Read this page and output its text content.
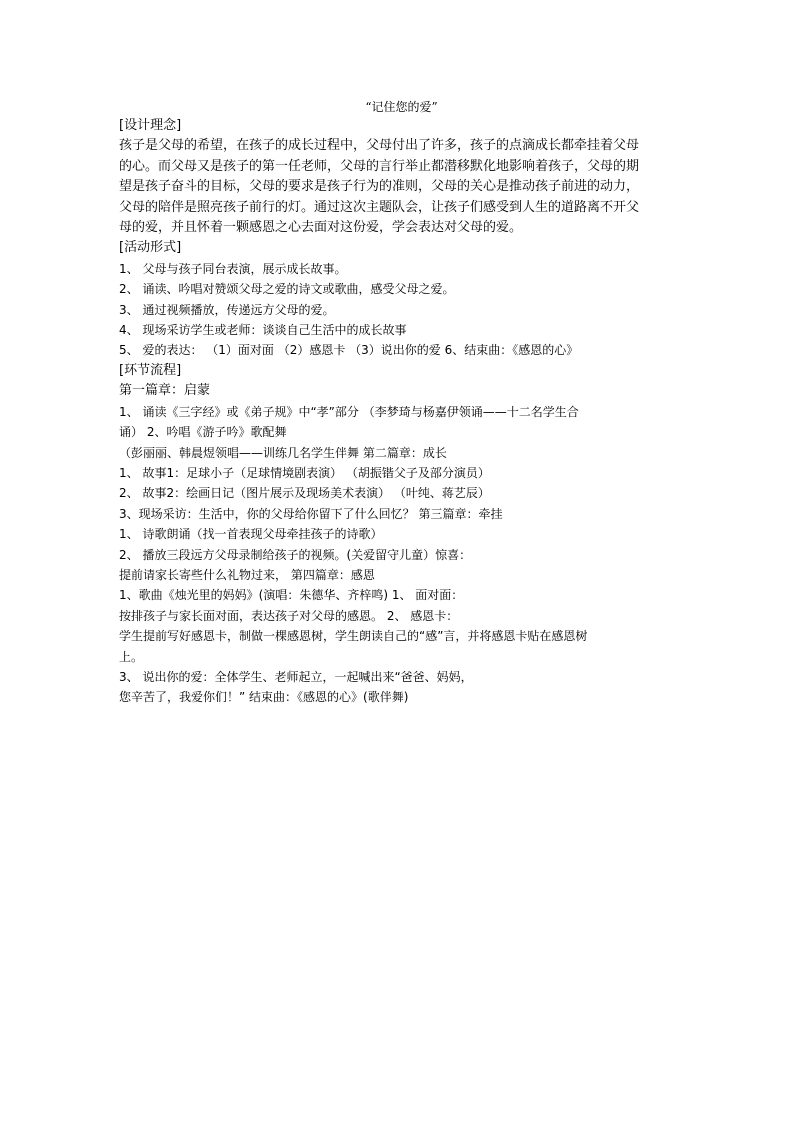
“记住您的爱”

[设计理念]

孩子是父母的希望，在孩子的成长过程中，父母付出了许多，孩子的点滴成长都牵挂着父母

的心。而父母又是孩子的第一任老师，父母的言行举止都潜移默化地影响着孩子，父母的期

望是孩子奋斗的目标，父母的要求是孩子行为的准则，父母的关心是推动孩子前进的动力，

父母的陪伴是照亮孩子前行的灯。通过这次主题队会，让孩子们感受到人生的道路离不开父

母的爱，并且怀着一颗感恩之心去面对这份爱，学会表达对父母的爱。

[活动形式]

1、 父母与孩子同台表演，展示成长故事。

2、 诵读、吟唱对赞颂父母之爱的诗文或歌曲，感受父母之爱。

3、 通过视频播放，传递远方父母的爱。

4、 现场采访学生或老师：谈谈自己生活中的成长故事

5、 爱的表达： （1）面对面 （2）感恩卡 （3）说出你的爱 6、结束曲：《感恩的心》

[环节流程]

第一篇章：启蒙

1、 诵读《三字经》或《弟子规》中“孝”部分 （李梦琦与杨嘉伊领诵——十二名学生合

诵） 2、吟唱《游子吟》歌配舞

（彭丽丽、韩晨煜领唱——训练几名学生伴舞 第二篇章：成长

1、 故事1：足球小子（足球情境剧表演） （胡振锴父子及部分演员）

2、 故事2：绘画日记（图片展示及现场美术表演） （叶纯、蒋艺辰）

3、现场采访：生活中，你的父母给你留下了什么回忆？ 第三篇章：牵挂

1、 诗歌朗诵（找一首表现父母牵挂孩子的诗歌）

2、 播放三段远方父母录制给孩子的视频。(关爱留守儿童）惊喜：

提前请家长寄些什么礼物过来， 第四篇章：感恩

1、歌曲《烛光里的妈妈》(演唱：朱德华、齐梓鸣) 1、 面对面：

按排孩子与家长面对面，表达孩子对父母的感恩。 2、 感恩卡：

学生提前写好感恩卡，制做一棵感恩树，学生朗读自己的“感”言，并将感恩卡贴在感恩树

上。

3、 说出你的爱：全体学生、老师起立，一起喊出来“爸爸、妈妈，

您辛苦了，我爱你们！” 结束曲：《感恩的心》(歌伴舞)
